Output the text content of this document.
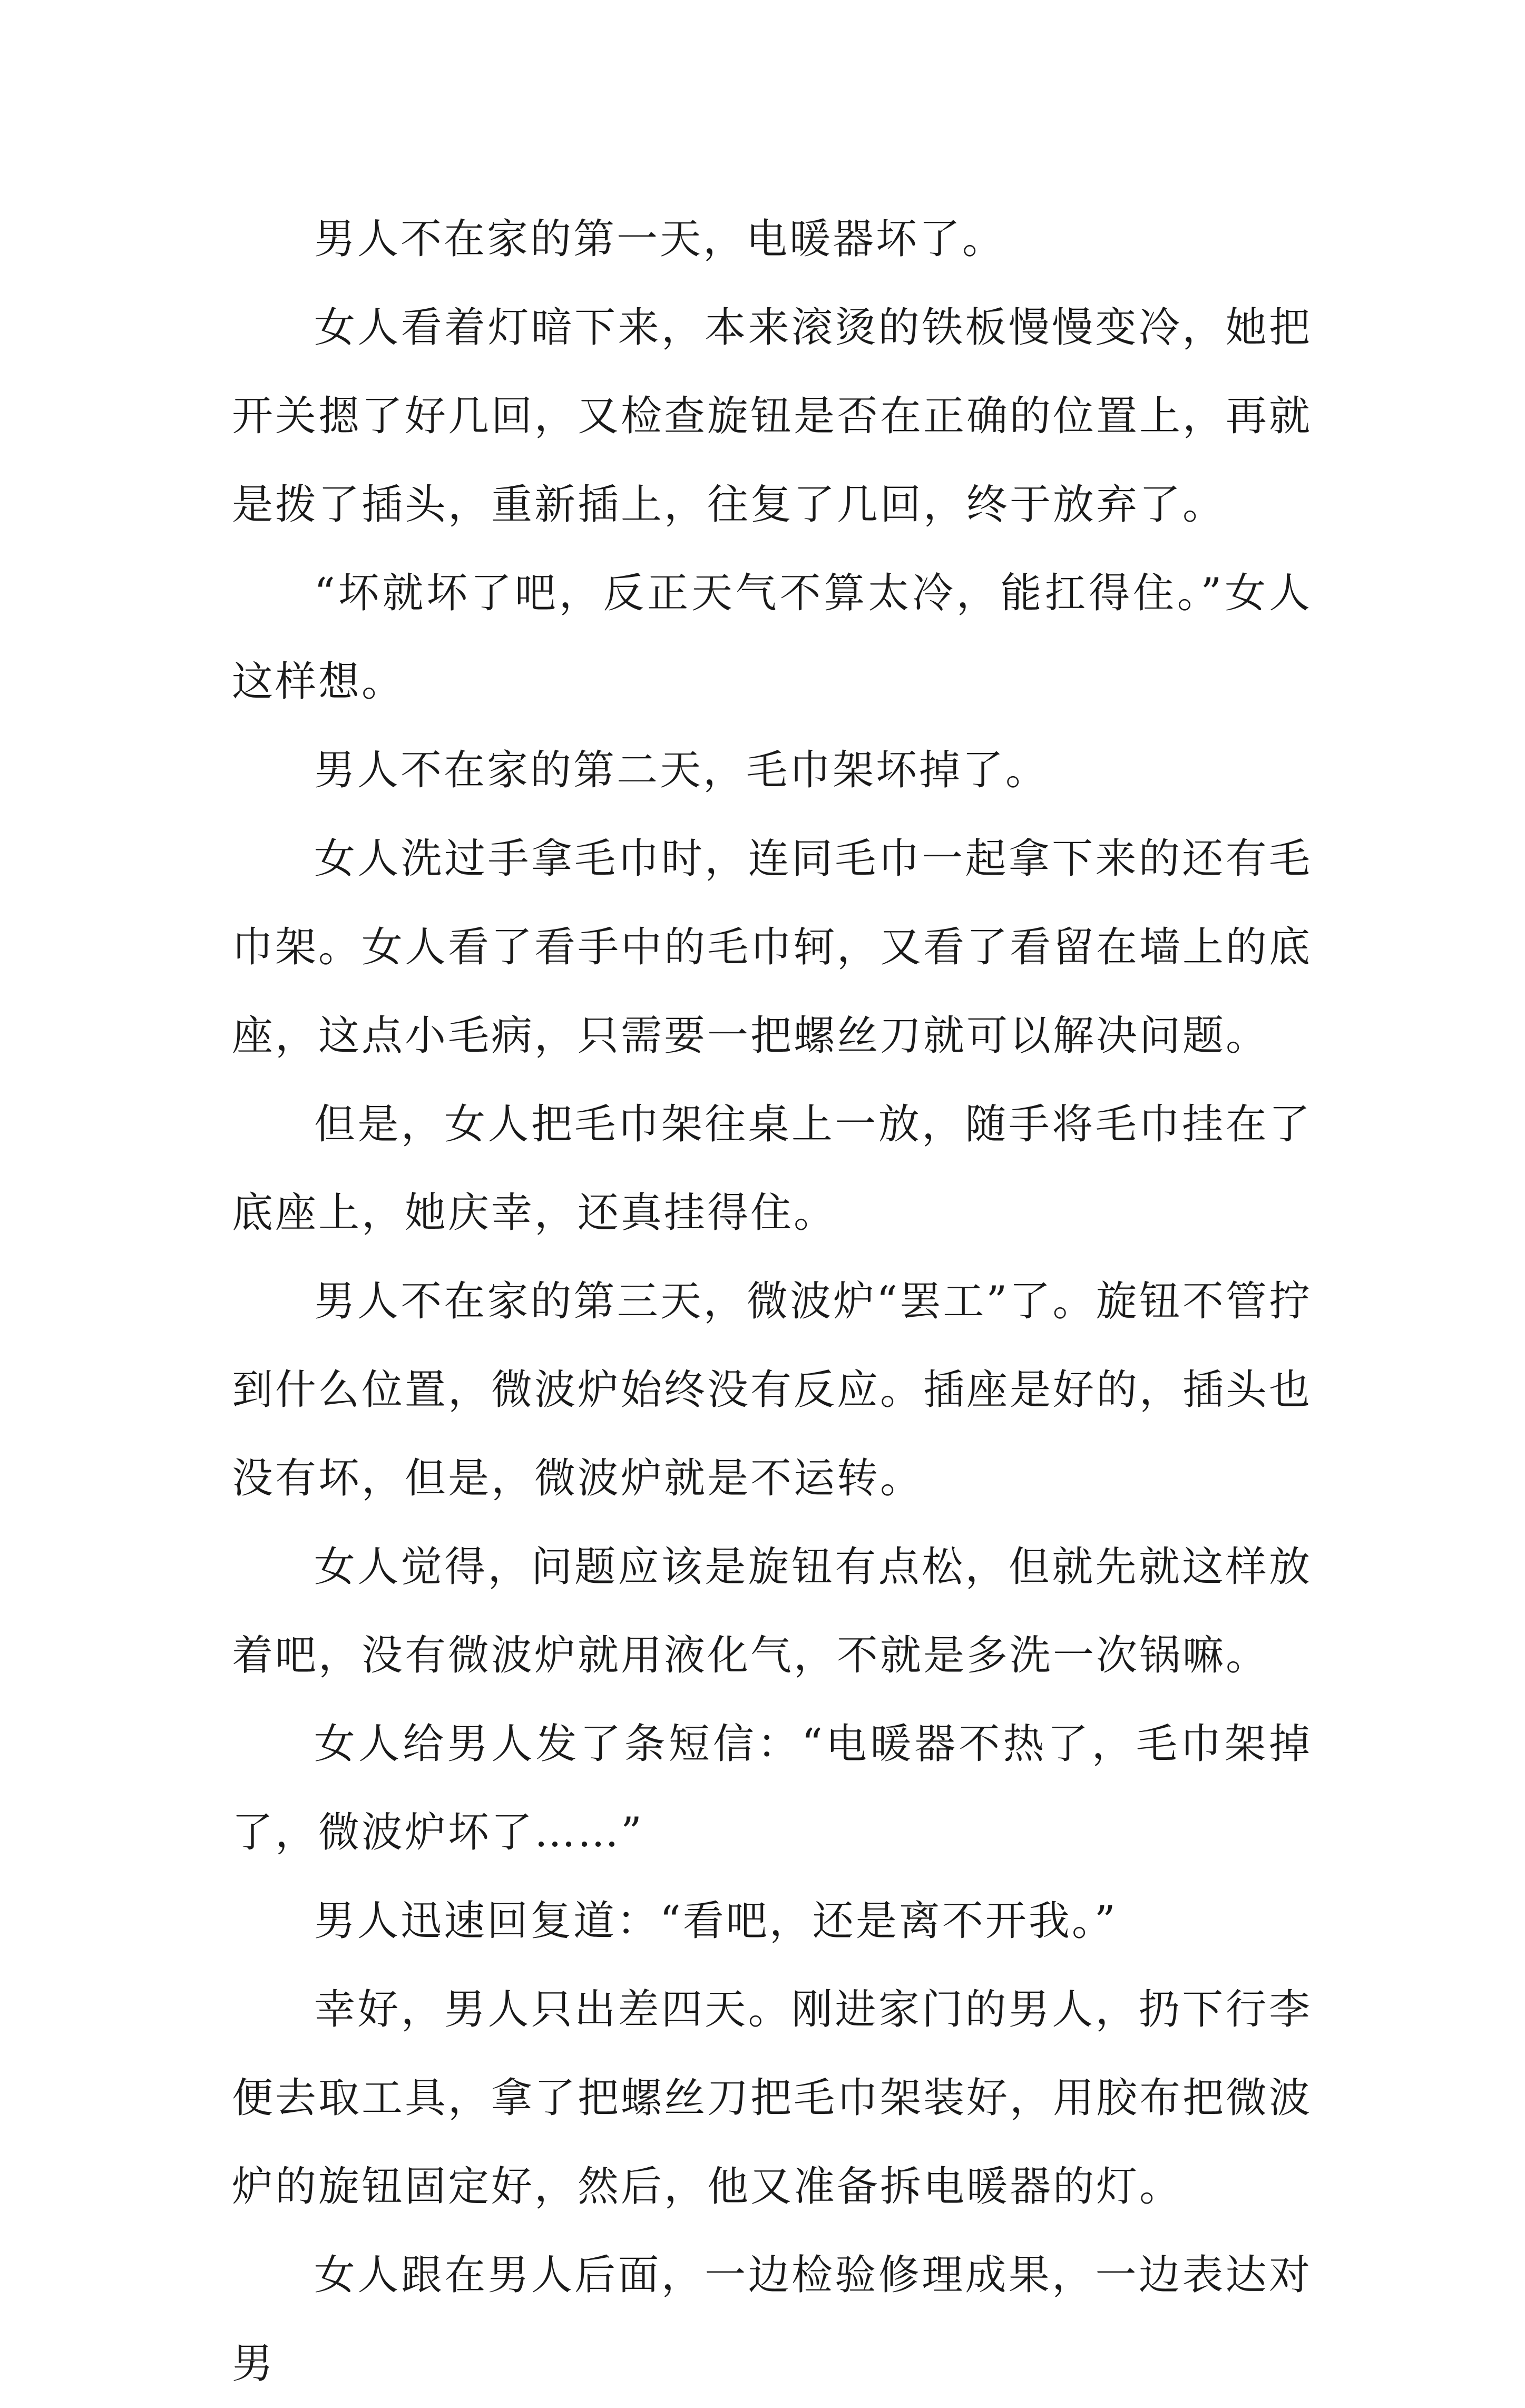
男人不在家的第一天，电暖器坏了。

女人看着灯暗下来，本来滚烫的铁板慢慢变冷，她把开关摁了好几回，又检查旋钮是否在正确的位置上，再就是拨了插头，重新插上，往复了几回，终于放弃了。

“坏就坏了吧，反正天气不算太冷，能扛得住。”女人这样想。

男人不在家的第二天，毛巾架坏掉了。

女人洗过手拿毛巾时，连同毛巾一起拿下来的还有毛巾架。女人看了看手中的毛巾轲，又看了看留在墙上的底座，这点小毛病，只需要一把螺丝刀就可以解决问题。

但是，女人把毛巾架往桌上一放，随手将毛巾挂在了底座上，她庆幸，还真挂得住。

男人不在家的第三天，微波炉“罢工”了。旋钮不管拧到什么位置，微波炉始终没有反应。插座是好的，插头也没有坏，但是，微波炉就是不运转。

女人觉得，问题应该是旋钮有点松，但就先就这样放着吧，没有微波炉就用液化气，不就是多洗一次锅嘛。

女人给男人发了条短信：“电暖器不热了，毛巾架掉了，微波炉坏了……”

男人迅速回复道：“看吧，还是离不开我。”

幸好，男人只出差四天。刚进家门的男人，扔下行李便去取工具，拿了把螺丝刀把毛巾架装好，用胶布把微波炉的旋钮固定好，然后，他又准备拆电暖器的灯。

女人跟在男人后面，一边检验修理成果，一边表达对男
